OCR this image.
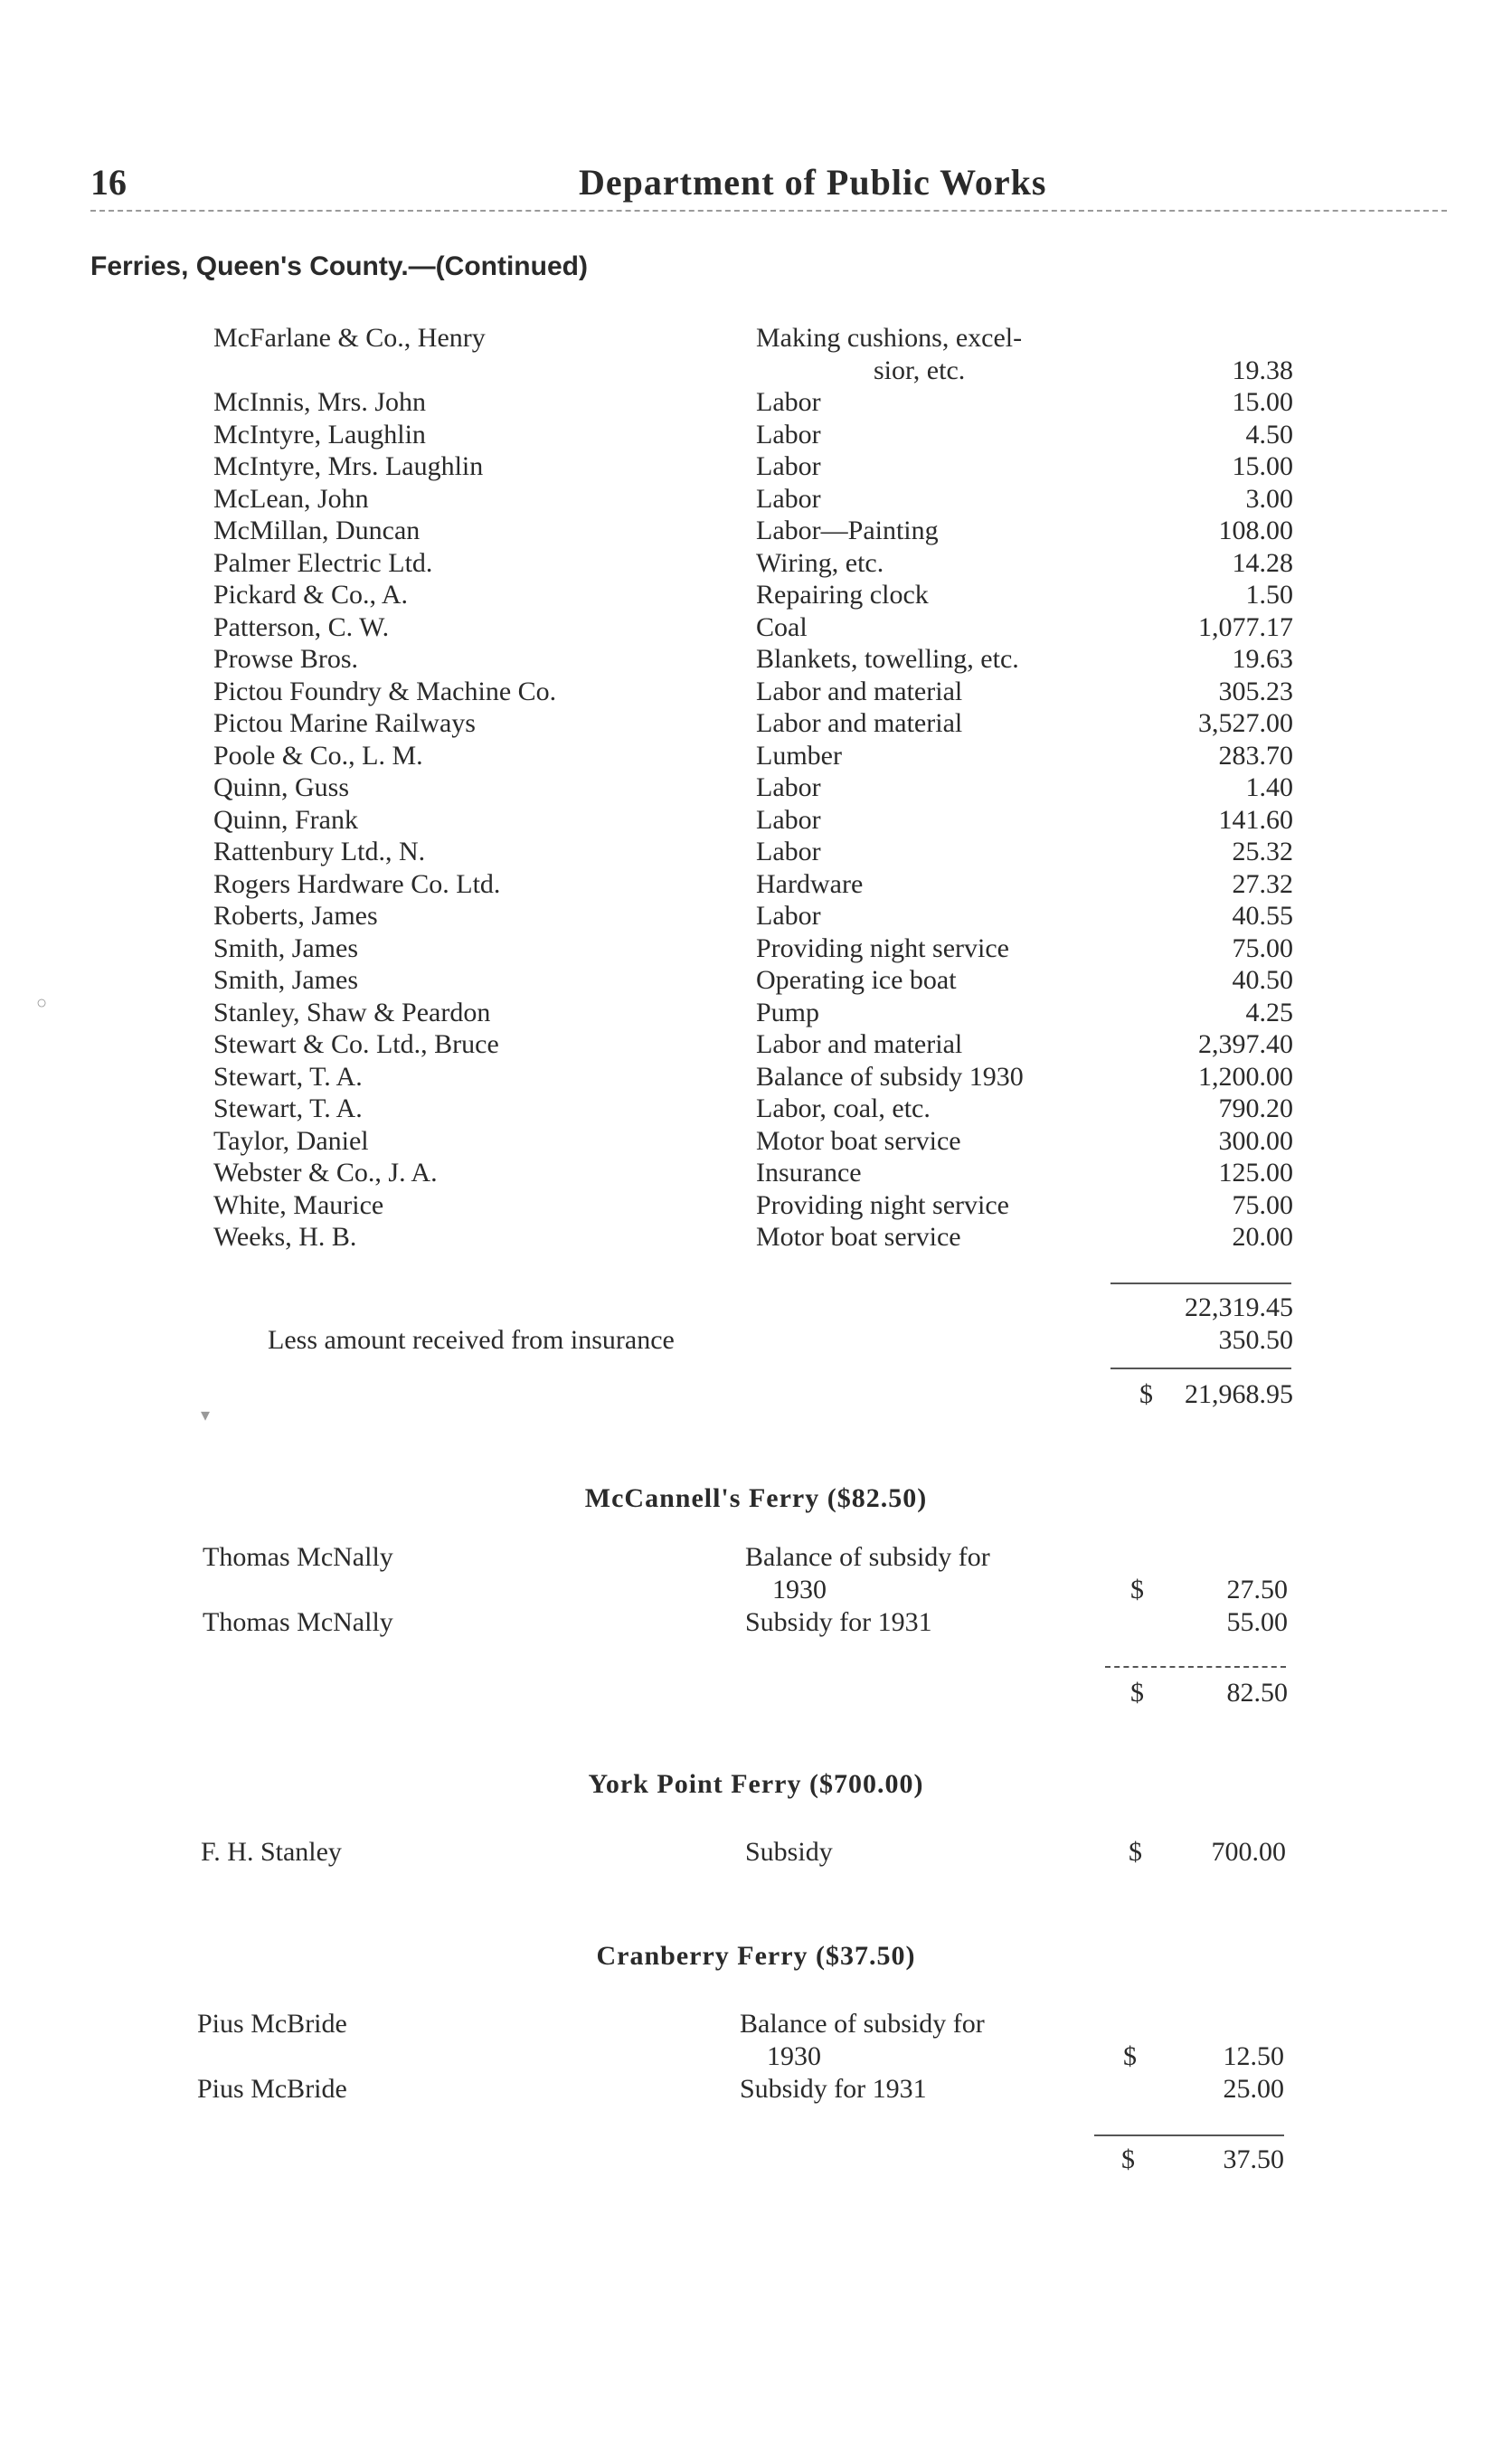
16	Department of Public Works
Ferries, Queen's County.—(Continued)
McFarlane & Co., Henry	Making cushions, excel-
sior, etc.	19.38
McInnis, Mrs. John	Labor	15.00
McIntyre, Laughlin	Labor	4.50
McIntyre, Mrs. Laughlin	Labor	15.00
McLean, John	Labor	3.00
McMillan, Duncan	Labor—Painting	108.00
Palmer Electric Ltd.	Wiring, etc.	14.28
Pickard & Co., A.	Repairing clock	1.50
Patterson, C. W.	Coal	1,077.17
Prowse Bros.	Blankets, towelling, etc.	19.63
Pictou Foundry & Machine Co.	Labor and material	305.23
Pictou Marine Railways	Labor and material	3,527.00
Poole & Co., L. M.	Lumber	283.70
Quinn, Guss	Labor	1.40
Quinn, Frank	Labor	141.60
Rattenbury Ltd., N.	Labor	25.32
Rogers Hardware Co. Ltd.	Hardware	27.32
Roberts, James	Labor	40.55
Smith, James	Providing night service	75.00
Smith, James	Operating ice boat	40.50
Stanley, Shaw & Peardon	Pump	4.25
Stewart & Co. Ltd., Bruce	Labor and material	2,397.40
Stewart, T. A.	Balance of subsidy 1930	1,200.00
Stewart, T. A.	Labor, coal, etc.	790.20
Taylor, Daniel	Motor boat service	300.00
Webster & Co., J. A.	Insurance	125.00
White, Maurice	Providing night service	75.00
Weeks, H. B.	Motor boat service	20.00
22,319.45
Less amount received from insurance	350.50
$ 21,968.95
▾
○
McCannell's Ferry ($82.50)
Thomas McNally	Balance of subsidy for
1930	$	27.50
Thomas McNally	Subsidy for 1931	55.00
$	82.50
York Point Ferry ($700.00)
F. H. Stanley	Subsidy	$	700.00
Cranberry Ferry ($37.50)
Pius McBride	Balance of subsidy for
1930	$	12.50
Pius McBride	Subsidy for 1931	25.00
$	37.50
